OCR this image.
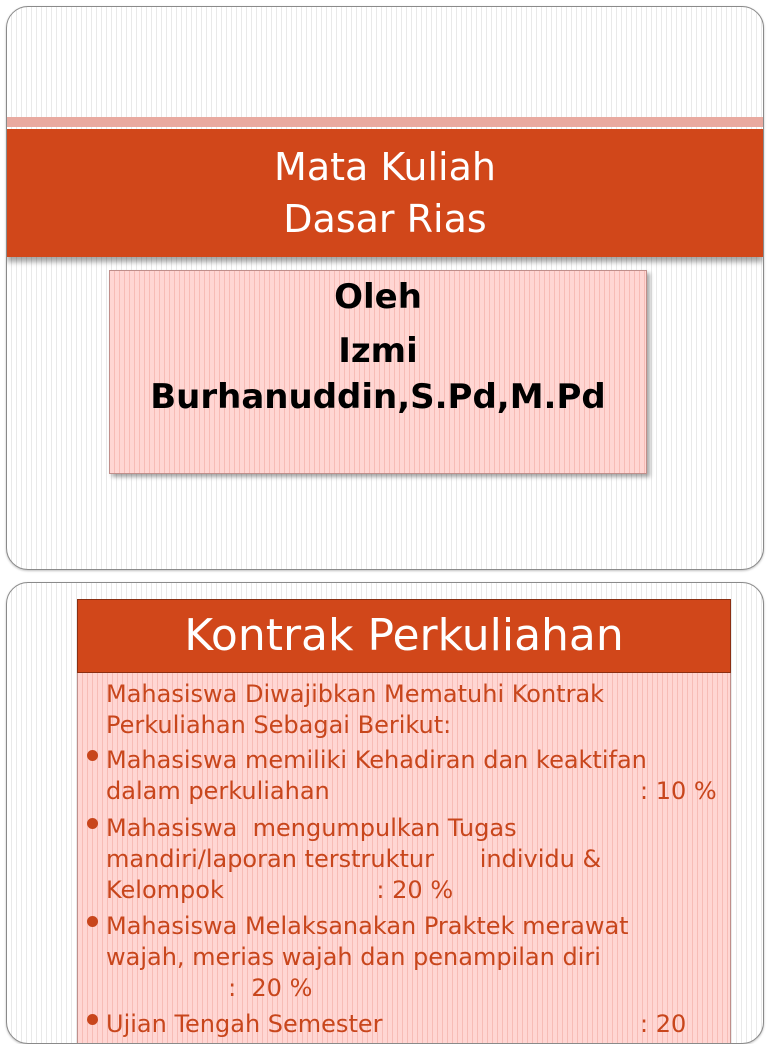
Mata Kuliah
Dasar Rias
Oleh
Izmi
Burhanuddin,S.Pd,M.Pd
Kontrak Perkuliahan
Mahasiswa Diwajibkan Mematuhi Kontrak
Perkuliahan Sebagai Berikut:
Mahasiswa memiliki Kehadiran dan keaktifan
dalam perkuliahan	: 10 %
Mahasiswa  mengumpulkan Tugas
mandiri/laporan terstruktur      individu &
Kelompok                    : 20 %
Mahasiswa Melaksanakan Praktek merawat
wajah, merias wajah dan penampilan diri
:  20 %
Ujian Tengah Semester	: 20
